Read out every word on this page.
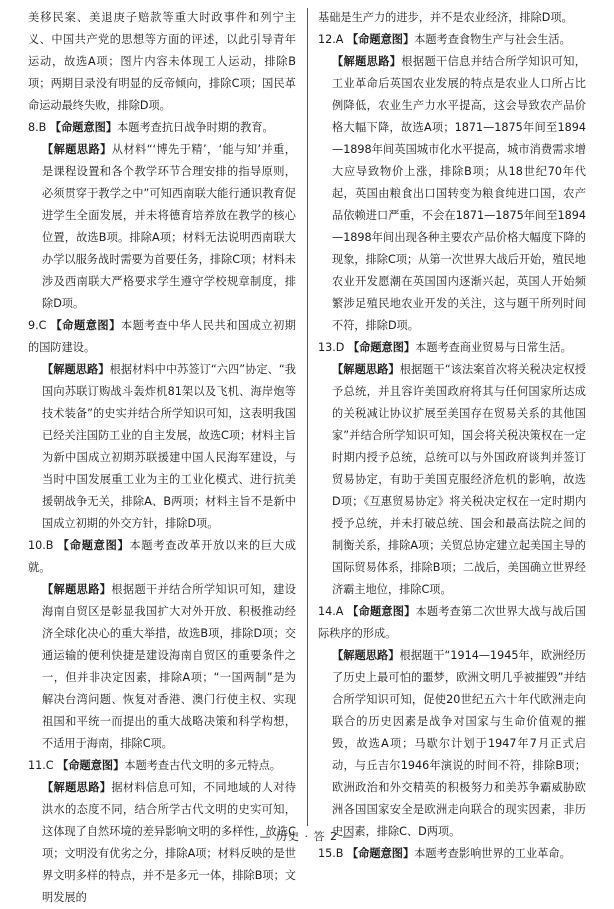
美移民案、美退庚子赔款等重大时政事件和列宁主义、中国共产党的思想等方面的评述，以此引导青年运动，故选A项；图片内容未体现工人运动，排除B项；两期目录没有明显的反帝倾向，排除C项；国民革命运动最终失败，排除D项。

8.B 【命题意图】本题考查抗日战争时期的教育。

【解题思路】从材料“‘博先于精’，‘能与知’并重，是课程设置和各个教学环节合理安排的指导原则，必须贯穿于教学之中”可知西南联大能行通识教育促进学生全面发展，并未将德育培养放在教学的核心位置，故选B项。排除A项；材料无法说明西南联大办学以服务战时需要为首要任务，排除C项；材料未涉及西南联大严格要求学生遵守学校规章制度，排除D项。

9.C 【命题意图】本题考查中华人民共和国成立初期的国防建设。

【解题思路】根据材料中中苏签订“六四”协定、“我国向苏联订购战斗轰炸机81架以及飞机、海岸炮等技术装备”的史实并结合所学知识可知，这表明我国已经关注国防工业的自主发展，故选C项；材料主旨为新中国成立初期苏联援建中国人民海军建设，与当时中国发展重工业为主的工业化模式、进行抗美援朝战争无关，排除A、B两项；材料主旨不是新中国成立初期的外交方针，排除D项。

10.B 【命题意图】本题考查改革开放以来的巨大成就。

【解题思路】根据题干并结合所学知识可知，建设海南自贸区是彰显我国扩大对外开放、积极推动经济全球化决心的重大举措，故选B项，排除D项；交通运输的便利快捷是建设海南自贸区的重要条件之一，但并非决定因素，排除A项；“一国两制”是为解决台湾问题、恢复对香港、澳门行使主权、实现祖国和平统一而提出的重大战略决策和科学构想，不适用于海南，排除C项。

11.C 【命题意图】本题考查古代文明的多元特点。

【解题思路】据材料信息可知，不同地域的人对待洪水的态度不同，结合所学古代文明的史实可知，这体现了自然环境的差异影响文明的多样性，故选C项；文明没有优劣之分，排除A项；材料反映的是世界文明多样的特点，并不是多元一体，排除B项；文明发展的

基础是生产力的进步，并不是农业经济，排除D项。

12.A 【命题意图】本题考查食物生产与社会生活。

【解题思路】根据题干信息并结合所学知识可知，工业革命后英国农业发展的特点是农业人口所占比例降低，农业生产力水平提高，这会导致农产品价格大幅下降，故选A项；1871—1875年间至1894—1898年间英国城市化水平提高，城市消费需求增大应导致物价上涨，排除B项；从18世纪70年代起，英国由粮食出口国转变为粮食纯进口国，农产品依赖进口严重，不会在1871—1875年间至1894—1898年间出现各种主要农产品价格大幅度下降的现象，排除C项；从第一次世界大战后开始，殖民地农业开发愿潮在英国国内逐渐兴起，英国人开始频繁涉足殖民地农业开发的关注，这与题干所列时间不符，排除D项。

13.D 【命题意图】本题考查商业贸易与日常生活。

【解题思路】根据题干“该法案首次将关税决定权授予总统，并且容许美国政府将其与任何国家所达成的关税减让协议扩展至美国存在贸易关系的其他国家”并结合所学知识可知，国会将关税决策权在一定时期内授予总统，总统可以与外国政府谈判并签订贸易协定，有助于美国克服经济危机的影响，故选D项；《互惠贸易协定》将关税决定权在一定时期内授予总统，并未打破总统、国会和最高法院之间的制衡关系，排除A项；关贸总协定建立起美国主导的国际贸易体系，排除B项；二战后，美国确立世界经济霸主地位，排除C项。

14.A 【命题意图】本题考查第二次世界大战与战后国际秩序的形成。

【解题思路】根据题干“1914—1945年，欧洲经历了历史上最可怕的噩梦，欧洲文明几乎被摧毁”并结合所学知识可知，促使20世纪五六十年代欧洲走向联合的历史因素是战争对国家与生命价值观的摧毁，故选A项；马歇尔计划于1947年7月正式启动，与丘吉尔1946年演说的时间不符，排除B项；欧洲政治和外交精英的积极努力和美苏争霸威胁欧洲各国国家安全是欧洲走向联合的现实因素，非历史因素，排除C、D两项。

15.B 【命题意图】本题考查影响世界的工业革命。

— 历史 · 答 2 —
